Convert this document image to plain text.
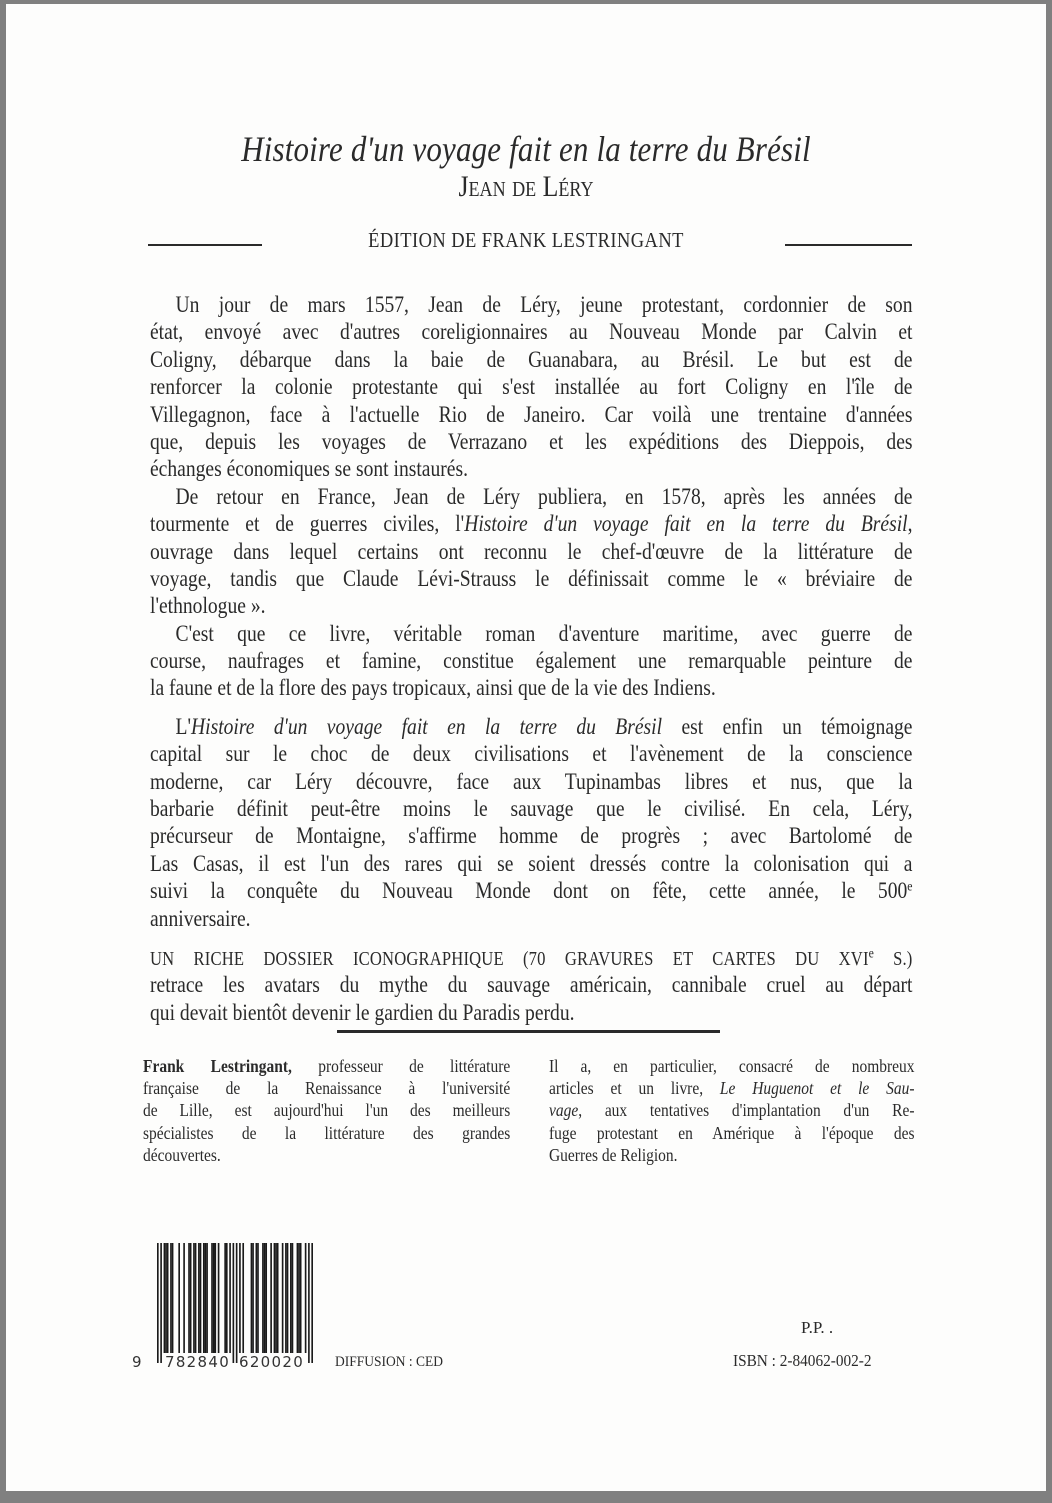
Histoire d'un voyage fait en la terre du Brésil
Jean de Léry
ÉDITION DE FRANK LESTRINGANT
Un jour de mars 1557, Jean de Léry, jeune protestant, cordonnier de son
état, envoyé avec d'autres coreligionnaires au Nouveau Monde par Calvin et
Coligny, débarque dans la baie de Guanabara, au Brésil. Le but est de
renforcer la colonie protestante qui s'est installée au fort Coligny en l'île de
Villegagnon, face à l'actuelle Rio de Janeiro. Car voilà une trentaine d'années
que, depuis les voyages de Verrazano et les expéditions des Dieppois, des
échanges économiques se sont instaurés.
De retour en France, Jean de Léry publiera, en 1578, après les années de
tourmente et de guerres civiles, l'Histoire d'un voyage fait en la terre du Brésil,
ouvrage dans lequel certains ont reconnu le chef-d'œuvre de la littérature de
voyage, tandis que Claude Lévi-Strauss le définissait comme le « bréviaire de
l'ethnologue ».
C'est que ce livre, véritable roman d'aventure maritime, avec guerre de
course, naufrages et famine, constitue également une remarquable peinture de
la faune et de la flore des pays tropicaux, ainsi que de la vie des Indiens.
L'Histoire d'un voyage fait en la terre du Brésil est enfin un témoignage
capital sur le choc de deux civilisations et l'avènement de la conscience
moderne, car Léry découvre, face aux Tupinambas libres et nus, que la
barbarie définit peut-être moins le sauvage que le civilisé. En cela, Léry,
précurseur de Montaigne, s'affirme homme de progrès ; avec Bartolomé de
Las Casas, il est l'un des rares qui se soient dressés contre la colonisation qui a
suivi la conquête du Nouveau Monde dont on fête, cette année, le 500e
anniversaire.
UN RICHE DOSSIER ICONOGRAPHIQUE (70 GRAVURES ET CARTES DU XVIe S.)
retrace les avatars du mythe du sauvage américain, cannibale cruel au départ
qui devait bientôt devenir le gardien du Paradis perdu.
Frank Lestringant, professeur de littérature
française de la Renaissance à l'université
de Lille, est aujourd'hui l'un des meilleurs
spécialistes de la littérature des grandes
découvertes.
Il a, en particulier, consacré de nombreux
articles et un livre, Le Huguenot et le Sau-
vage, aux tentatives d'implantation d'un Re-
fuge protestant en Amérique à l'époque des
Guerres de Religion.
9 782840 620020 DIFFUSION : CED
P.P. .
ISBN : 2-84062-002-2
